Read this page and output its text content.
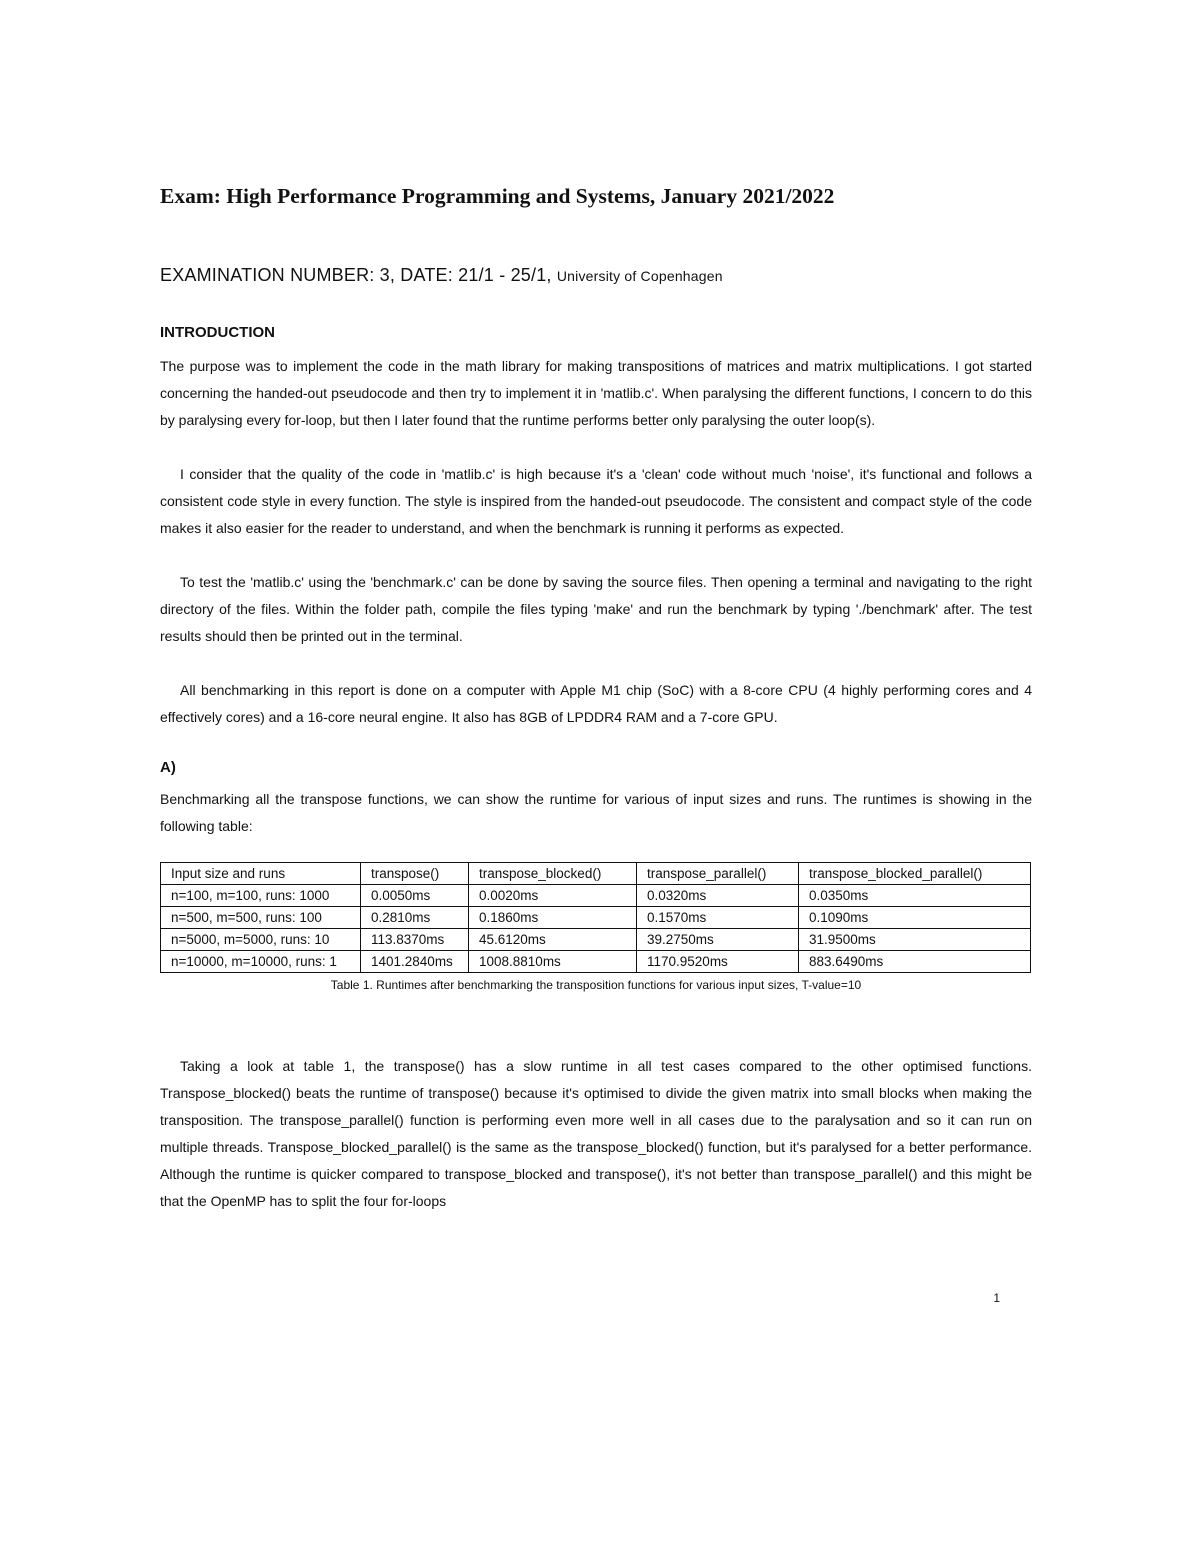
Exam: High Performance Programming and Systems, January 2021/2022
EXAMINATION NUMBER: 3, DATE: 21/1 - 25/1, University of Copenhagen
INTRODUCTION

The purpose was to implement the code in the math library for making transpositions of matrices and matrix multiplications. I got started concerning the handed-out pseudocode and then try to implement it in 'matlib.c'. When paralysing the different functions, I concern to do this by paralysing every for-loop, but then I later found that the runtime performs better only paralysing the outer loop(s).

I consider that the quality of the code in 'matlib.c' is high because it's a 'clean' code without much 'noise', it's functional and follows a consistent code style in every function. The style is inspired from the handed-out pseudocode. The consistent and compact style of the code makes it also easier for the reader to understand, and when the benchmark is running it performs as expected.

To test the 'matlib.c' using the 'benchmark.c' can be done by saving the source files. Then opening a terminal and navigating to the right directory of the files. Within the folder path, compile the files typing 'make' and run the benchmark by typing './benchmark' after. The test results should then be printed out in the terminal.

All benchmarking in this report is done on a computer with Apple M1 chip (SoC) with a 8-core CPU (4 highly performing cores and 4 effectively cores) and a 16-core neural engine. It also has 8GB of LPDDR4 RAM and a 7-core GPU.

A)

Benchmarking all the transpose functions, we can show the runtime for various of input sizes and runs. The runtimes is showing in the following table:

Input size and runs	transpose()	transpose_blocked()	transpose_parallel()	transpose_blocked_parallel()
n=100, m=100, runs: 1000	0.0050ms	0.0020ms	0.0320ms	0.0350ms
n=500, m=500, runs: 100	0.2810ms	0.1860ms	0.1570ms	0.1090ms
n=5000, m=5000, runs: 10	113.8370ms	45.6120ms	39.2750ms	31.9500ms
n=10000, m=10000, runs: 1	1401.2840ms	1008.8810ms	1170.9520ms	883.6490ms
Table 1. Runtimes after benchmarking the transposition functions for various input sizes, T-value=10

Taking a look at table 1, the transpose() has a slow runtime in all test cases compared to the other optimised functions. Transpose_blocked() beats the runtime of transpose() because it's optimised to divide the given matrix into small blocks when making the transposition. The transpose_parallel() function is performing even more well in all cases due to the paralysation and so it can run on multiple threads. Transpose_blocked_parallel() is the same as the transpose_blocked() function, but it's paralysed for a better performance. Although the runtime is quicker compared to transpose_blocked and transpose(), it's not better than transpose_parallel() and this might be that the OpenMP has to split the four for-loops

1
